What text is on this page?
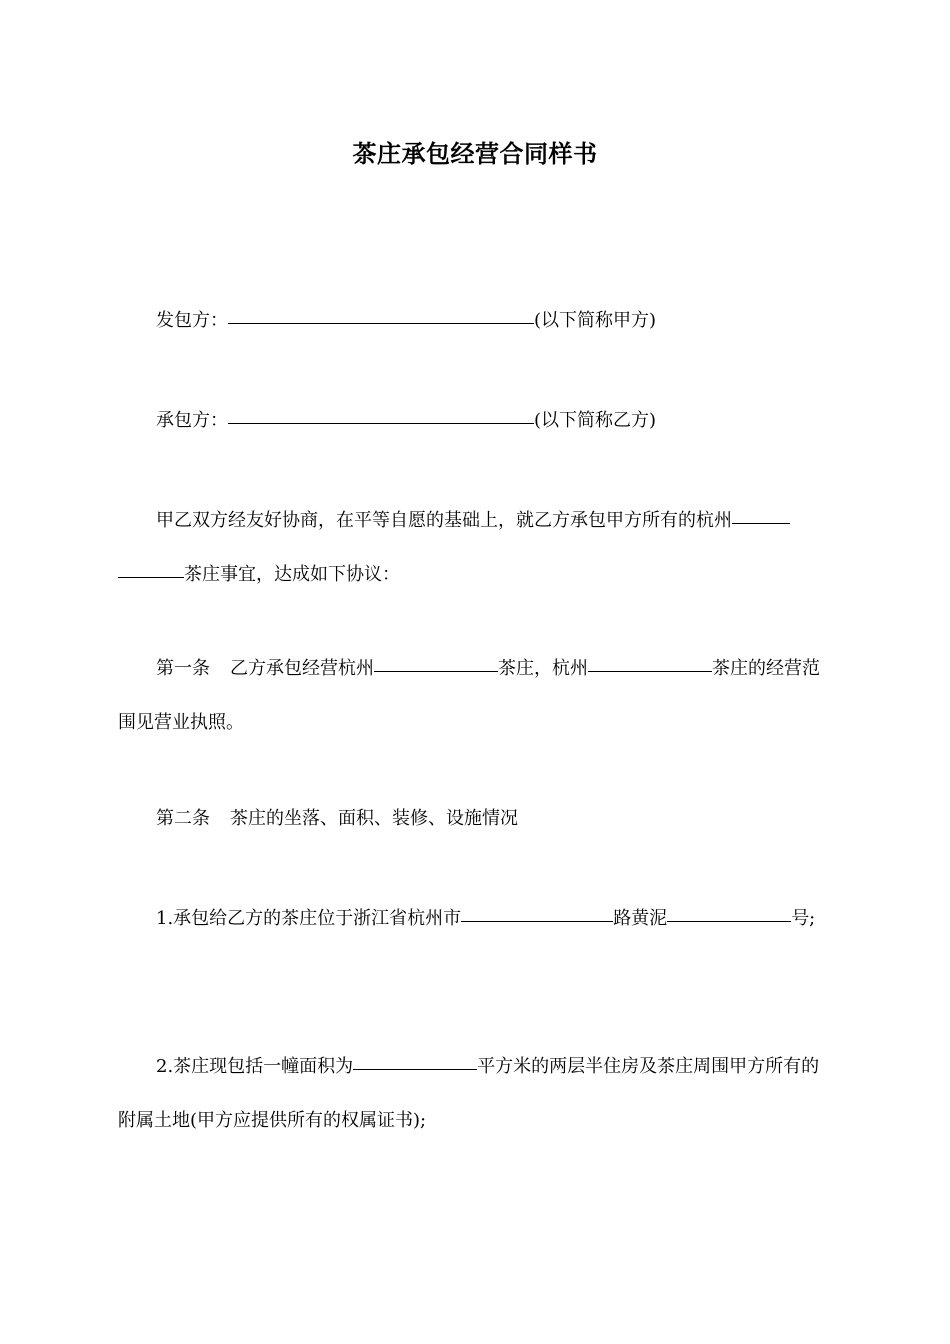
茶庄承包经营合同样书
发包方：	(以下简称甲方)
承包方：	(以下简称乙方)
甲乙双方经友好协商，在平等自愿的基础上，就乙方承包甲方所有的杭州茶庄事宜，达成如下协议：
第一条 乙方承包经营杭州	茶庄，杭州	茶庄的经营范围见营业执照。
第二条 茶庄的坐落、面积、装修、设施情况
1.承包给乙方的茶庄位于浙江省杭州市	路黄泥	号;
2.茶庄现包括一幢面积为	平方米的两层半住房及茶庄周围甲方所有的附属土地(甲方应提供所有的权属证书);
